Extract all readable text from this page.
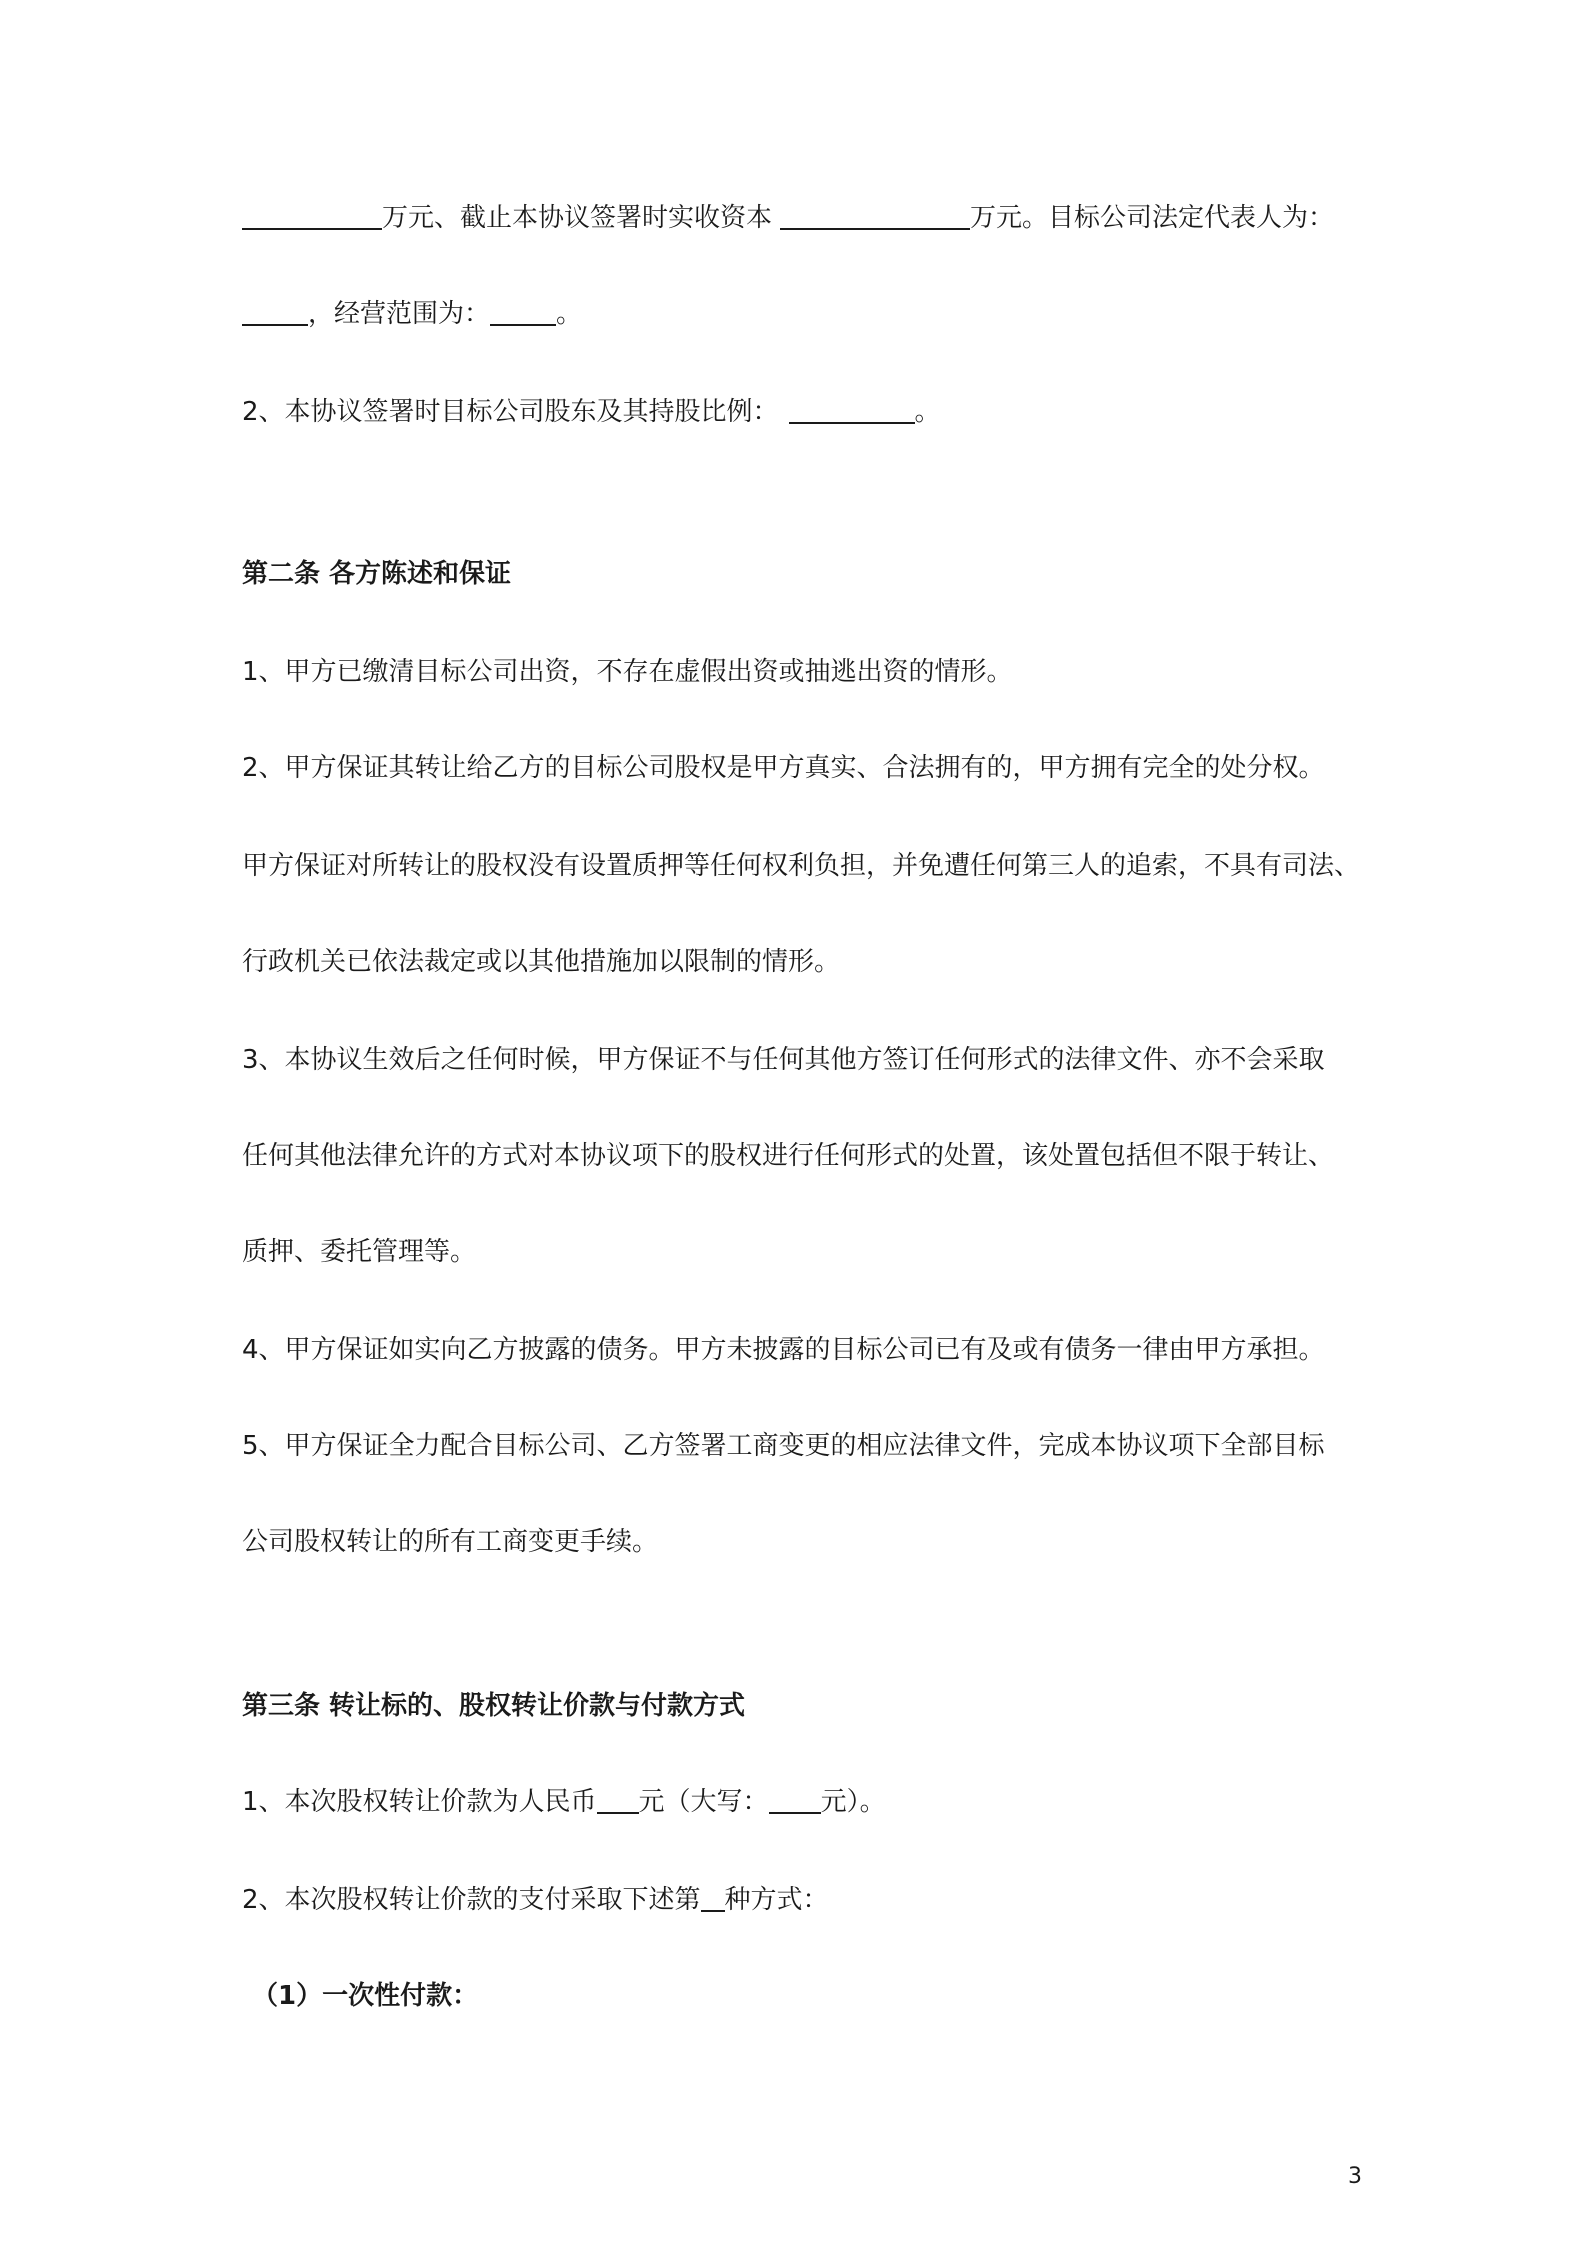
万元、截止本协议签署时实收资本	万元。目标公司法定代表人为：
，经营范围为：	。
2、本协议签署时目标公司股东及其持股比例：	。
第二条 各方陈述和保证
1、甲方已缴清目标公司出资，不存在虚假出资或抽逃出资的情形。
2、甲方保证其转让给乙方的目标公司股权是甲方真实、合法拥有的，甲方拥有完全的处分权。
甲方保证对所转让的股权没有设置质押等任何权利负担，并免遭任何第三人的追索，不具有司法、
行政机关已依法裁定或以其他措施加以限制的情形。
3、本协议生效后之任何时候，甲方保证不与任何其他方签订任何形式的法律文件、亦不会采取
任何其他法律允许的方式对本协议项下的股权进行任何形式的处置，该处置包括但不限于转让、
质押、委托管理等。
4、甲方保证如实向乙方披露的债务。甲方未披露的目标公司已有及或有债务一律由甲方承担。
5、甲方保证全力配合目标公司、乙方签署工商变更的相应法律文件，完成本协议项下全部目标
公司股权转让的所有工商变更手续。
第三条 转让标的、股权转让价款与付款方式
1、本次股权转让价款为人民币 元（大写： 元）。
2、本次股权转让价款的支付采取下述第 种方式：
（1）一次性付款：
3
